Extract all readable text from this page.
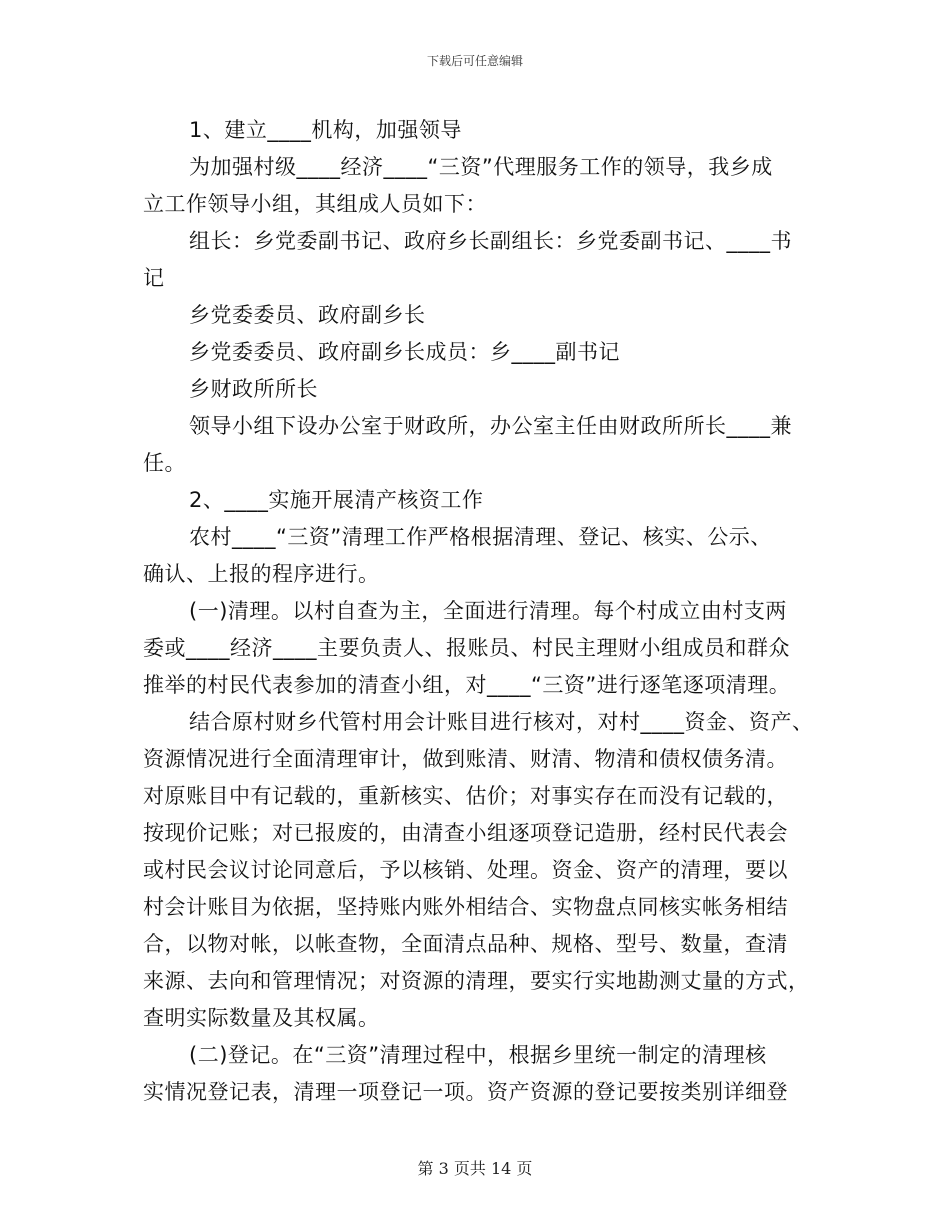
下载后可任意编辑

1、建立____机构，加强领导

为加强村级____经济____“三资”代理服务工作的领导，我乡成

立工作领导小组，其组成人员如下：

组长：乡党委副书记、政府乡长副组长：乡党委副书记、____书

记

乡党委委员、政府副乡长

乡党委委员、政府副乡长成员：乡____副书记

乡财政所所长

领导小组下设办公室于财政所，办公室主任由财政所所长____兼

任。

2、____实施开展清产核资工作

农村____“三资”清理工作严格根据清理、登记、核实、公示、

确认、上报的程序进行。

(一)清理。以村自查为主，全面进行清理。每个村成立由村支两

委或____经济____主要负责人、报账员、村民主理财小组成员和群众

推举的村民代表参加的清查小组，对____“三资”进行逐笔逐项清理。

结合原村财乡代管村用会计账目进行核对，对村____资金、资产、

资源情况进行全面清理审计，做到账清、财清、物清和债权债务清。

对原账目中有记载的，重新核实、估价；对事实存在而没有记载的，

按现价记账；对已报废的，由清查小组逐项登记造册，经村民代表会

或村民会议讨论同意后，予以核销、处理。资金、资产的清理，要以

村会计账目为依据，坚持账内账外相结合、实物盘点同核实帐务相结

合，以物对帐，以帐查物，全面清点品种、规格、型号、数量，查清

来源、去向和管理情况；对资源的清理，要实行实地勘测丈量的方式，

查明实际数量及其权属。

(二)登记。在“三资”清理过程中，根据乡里统一制定的清理核

实情况登记表，清理一项登记一项。资产资源的登记要按类别详细登

第 3 页共 14 页
